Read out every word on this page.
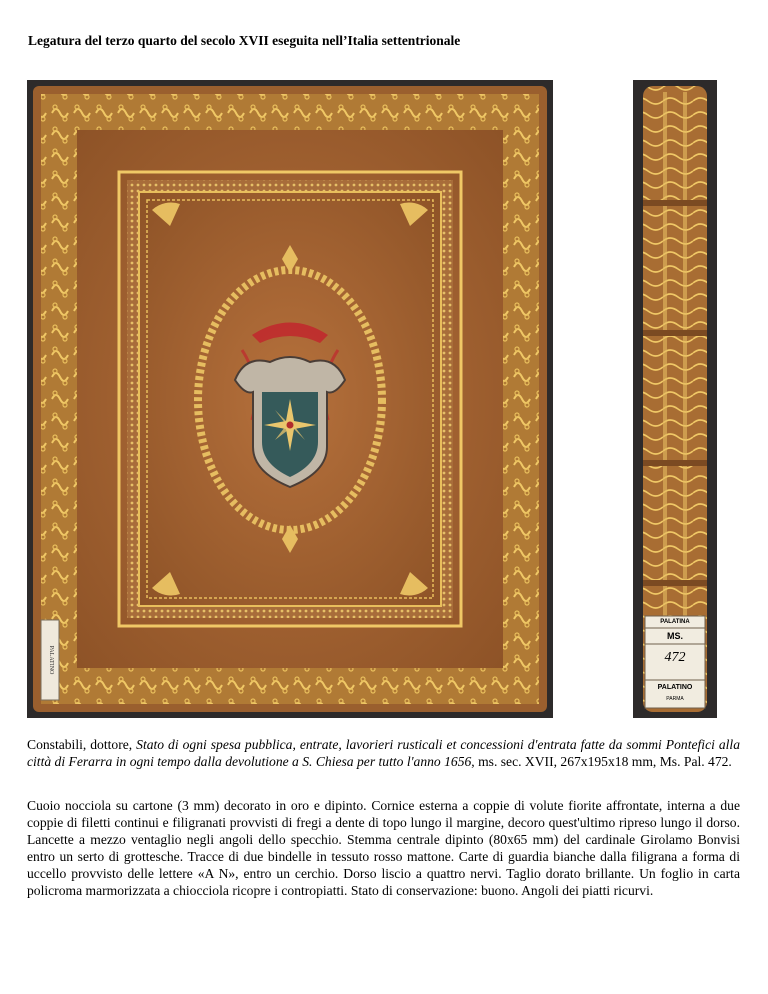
Legatura del terzo quarto del secolo XVII eseguita nell’Italia settentrionale
PALATINO
PALATINA
MS.
472
PALATINO
PARMA
Constabili, dottore, Stato di ogni spesa pubblica, entrate, lavorieri rusticali et concessioni d'entrata fatte da sommi Pontefici alla città di Ferarra in ogni tempo dalla devolutione a S. Chiesa per tutto l'anno 1656, ms. sec. XVII, 267x195x18 mm, Ms. Pal. 472.
Cuoio nocciola su cartone (3 mm) decorato in oro e dipinto. Cornice esterna a coppie di volute fiorite affrontate, interna a due coppie di filetti continui e filigranati provvisti di fregi a dente di topo lungo il margine, decoro quest'ultimo ripreso lungo il dorso. Lancette a mezzo ventaglio negli angoli dello specchio. Stemma centrale dipinto (80x65 mm) del cardinale Girolamo Bonvisi entro un serto di grottesche. Tracce di due bindelle in tessuto rosso mattone. Carte di guardia bianche dalla filigrana a forma di uccello provvisto delle lettere «A N», entro un cerchio. Dorso liscio a quattro nervi. Taglio dorato brillante. Un foglio in carta policroma marmorizzata a chiocciola ricopre i contropiatti. Stato di conservazione: buono. Angoli dei piatti ricurvi.
